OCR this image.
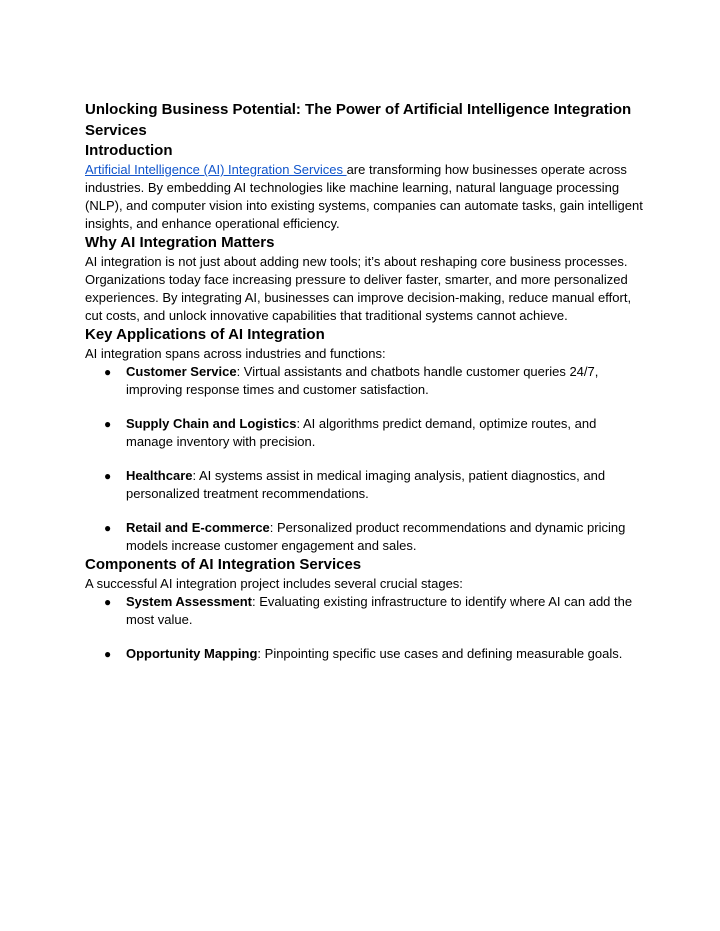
Unlocking Business Potential: The Power of Artificial Intelligence Integration Services
Introduction

Artificial Intelligence (AI) Integration Services are transforming how businesses operate across industries. By embedding AI technologies like machine learning, natural language processing (NLP), and computer vision into existing systems, companies can automate tasks, gain intelligent insights, and enhance operational efficiency.

Why AI Integration Matters

AI integration is not just about adding new tools; it’s about reshaping core business processes. Organizations today face increasing pressure to deliver faster, smarter, and more personalized experiences. By integrating AI, businesses can improve decision-making, reduce manual effort, cut costs, and unlock innovative capabilities that traditional systems cannot achieve.

Key Applications of AI Integration

AI integration spans across industries and functions:

● Customer Service: Virtual assistants and chatbots handle customer queries 24/7, improving response times and customer satisfaction.
● Supply Chain and Logistics: AI algorithms predict demand, optimize routes, and manage inventory with precision.
● Healthcare: AI systems assist in medical imaging analysis, patient diagnostics, and personalized treatment recommendations.
● Retail and E-commerce: Personalized product recommendations and dynamic pricing models increase customer engagement and sales.
Components of AI Integration Services

A successful AI integration project includes several crucial stages:

● System Assessment: Evaluating existing infrastructure to identify where AI can add the most value.
● Opportunity Mapping: Pinpointing specific use cases and defining measurable goals.
